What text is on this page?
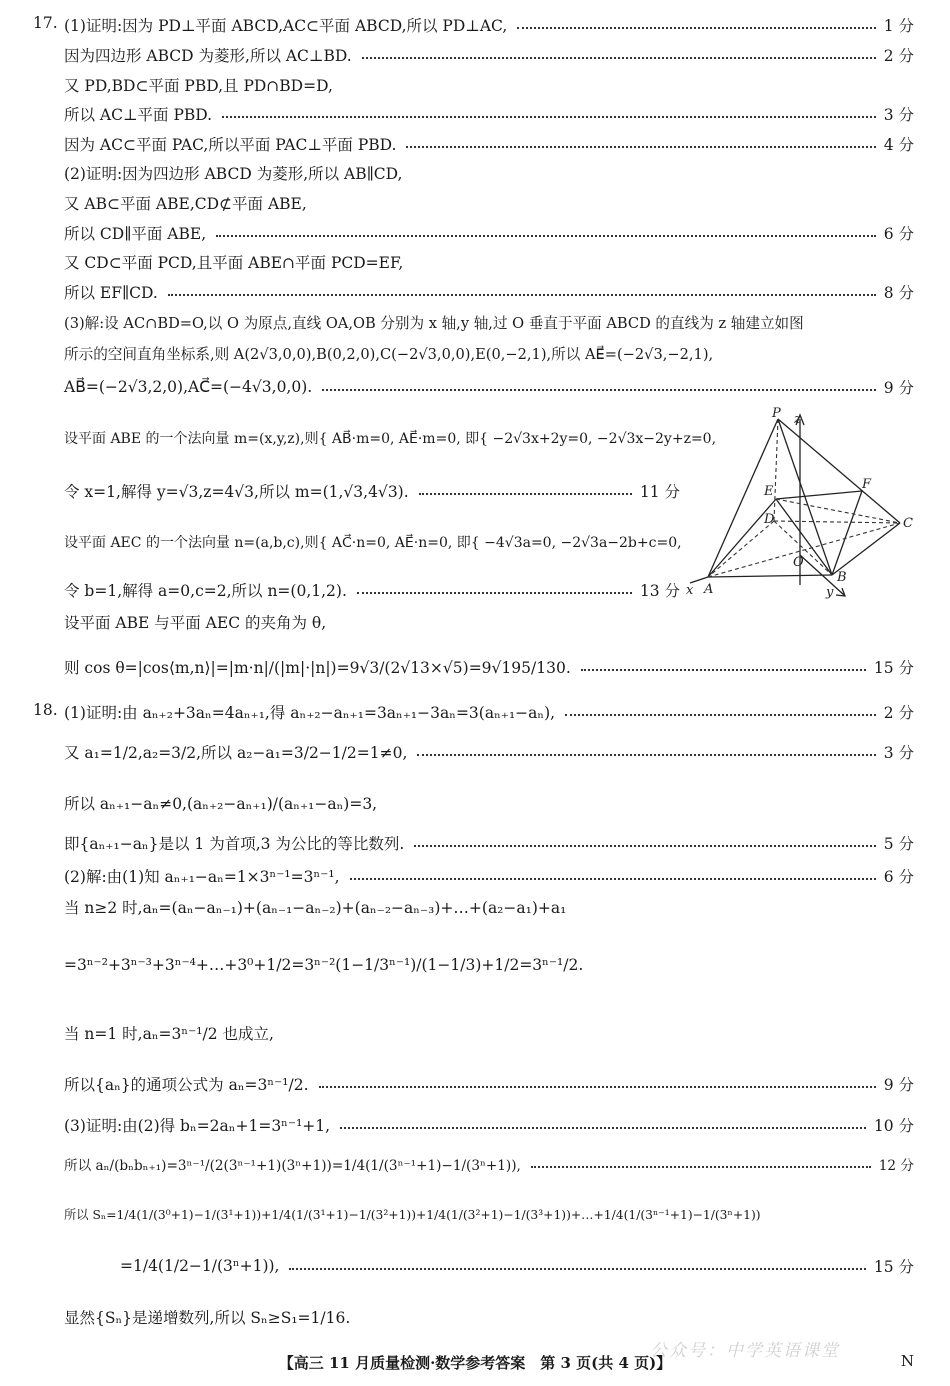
17. (1)证明:因为 PD⊥平面 ABCD,AC⊂平面 ABCD,所以 PD⊥AC,	1 分
因为四边形 ABCD 为菱形,所以 AC⊥BD.	2 分
又 PD,BD⊂平面 PBD,且 PD∩BD=D,
所以 AC⊥平面 PBD.	3 分
因为 AC⊂平面 PAC,所以平面 PAC⊥平面 PBD.	4 分
(2)证明:因为四边形 ABCD 为菱形,所以 AB∥CD,
又 AB⊂平面 ABE,CD⊄平面 ABE,
所以 CD∥平面 ABE,	6 分
又 CD⊂平面 PCD,且平面 ABE∩平面 PCD=EF,
所以 EF∥CD.	8 分
(3)解:设 AC∩BD=O,以 O 为原点,直线 OA,OB 分别为 x 轴,y 轴,过 O 垂直于平面 ABCD 的直线为 z 轴建立如图
所示的空间直角坐标系,则 A(2√3,0,0),B(0,2,0),C(−2√3,0,0),E(0,−2,1),所以 AE⃗=(−2√3,−2,1),
AB⃗=(−2√3,2,0),AC⃗=(−4√3,0,0).	9 分
设平面 ABE 的一个法向量 m=(x,y,z),则{ AB⃗·m=0, AE⃗·m=0, 即{ −2√3x+2y=0, −2√3x−2y+z=0,
令 x=1,解得 y=√3,z=4√3,所以 m=(1,√3,4√3).	11 分
设平面 AEC 的一个法向量 n=(a,b,c),则{ AC⃗·n=0, AE⃗·n=0, 即{ −4√3a=0, −2√3a−2b+c=0,
令 b=1,解得 a=0,c=2,所以 n=(0,1,2).	13 分
设平面 ABE 与平面 AEC 的夹角为 θ,
则 cos θ=|cos⟨m,n⟩|=|m·n|/(|m|·|n|)=9√3/(2√13×√5)=9√195/130.	15 分
P z
E	F
D	C
O
A
B
x	y
18. (1)证明:由 aₙ₊₂+3aₙ=4aₙ₊₁,得 aₙ₊₂−aₙ₊₁=3aₙ₊₁−3aₙ=3(aₙ₊₁−aₙ),	2 分
又 a₁=1/2,a₂=3/2,所以 a₂−a₁=3/2−1/2=1≠0,	3 分
所以 aₙ₊₁−aₙ≠0,(aₙ₊₂−aₙ₊₁)/(aₙ₊₁−aₙ)=3,
即{aₙ₊₁−aₙ}是以 1 为首项,3 为公比的等比数列.	5 分
(2)解:由(1)知 aₙ₊₁−aₙ=1×3ⁿ⁻¹=3ⁿ⁻¹,	6 分
当 n≥2 时,aₙ=(aₙ−aₙ₋₁)+(aₙ₋₁−aₙ₋₂)+(aₙ₋₂−aₙ₋₃)+…+(a₂−a₁)+a₁
=3ⁿ⁻²+3ⁿ⁻³+3ⁿ⁻⁴+…+3⁰+1/2=3ⁿ⁻²(1−1/3ⁿ⁻¹)/(1−1/3)+1/2=3ⁿ⁻¹/2.
当 n=1 时,aₙ=3ⁿ⁻¹/2 也成立,
所以{aₙ}的通项公式为 aₙ=3ⁿ⁻¹/2.	9 分
(3)证明:由(2)得 bₙ=2aₙ+1=3ⁿ⁻¹+1,	10 分
所以 aₙ/(bₙbₙ₊₁)=3ⁿ⁻¹/(2(3ⁿ⁻¹+1)(3ⁿ+1))=1/4(1/(3ⁿ⁻¹+1)−1/(3ⁿ+1)),	12 分
所以 Sₙ=1/4(1/(3⁰+1)−1/(3¹+1))+1/4(1/(3¹+1)−1/(3²+1))+1/4(1/(3²+1)−1/(3³+1))+…+1/4(1/(3ⁿ⁻¹+1)−1/(3ⁿ+1))
=1/4(1/2−1/(3ⁿ+1)),	15 分
显然{Sₙ}是递增数列,所以 Sₙ≥S₁=1/16.
公众号：中学英语课堂
【高三 11 月质量检测·数学参考答案　第 3 页(共 4 页)】	N
